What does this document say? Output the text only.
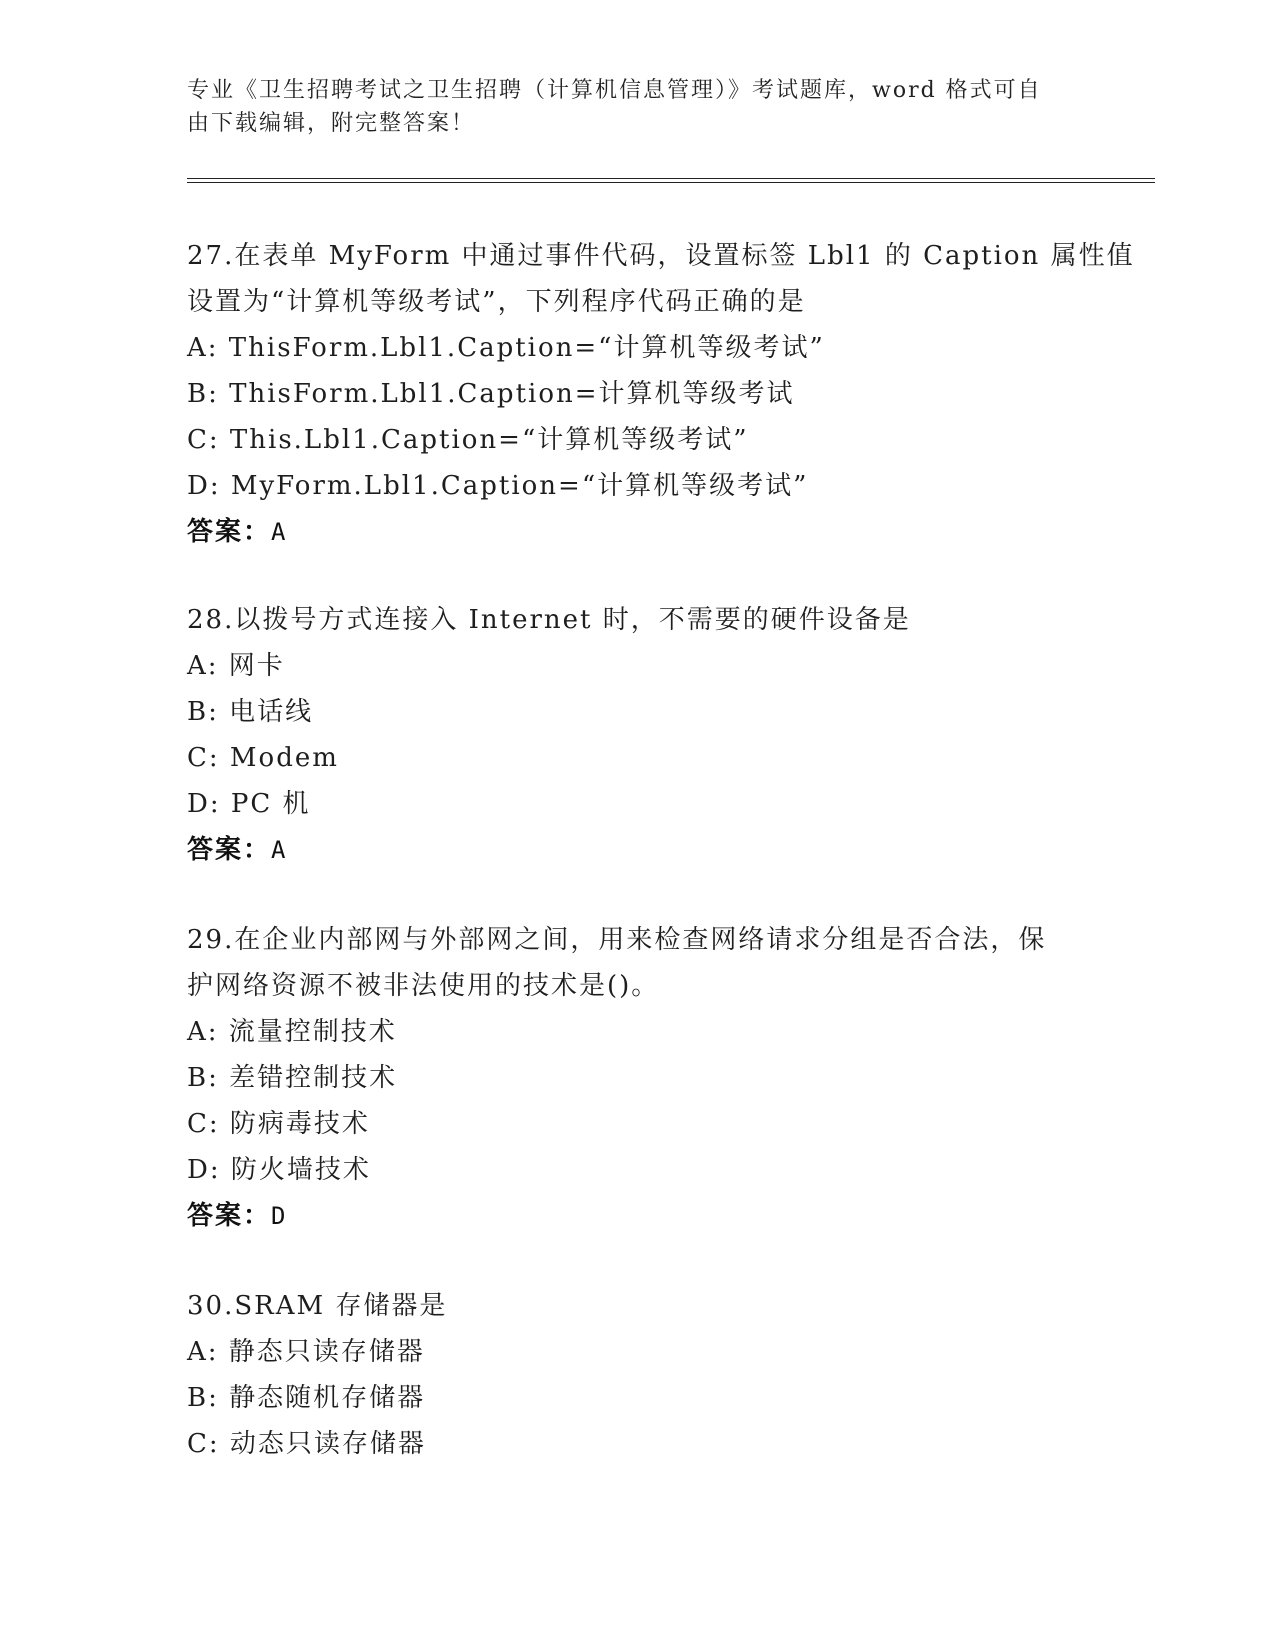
专业《卫生招聘考试之卫生招聘（计算机信息管理）》考试题库，word 格式可自
由下载编辑，附完整答案！
27.在表单 MyForm 中通过事件代码，设置标签 Lbl1 的 Caption 属性值
设置为“计算机等级考试”，下列程序代码正确的是
A: ThisForm.Lbl1.Caption=“计算机等级考试”
B: ThisForm.Lbl1.Caption=计算机等级考试
C: This.Lbl1.Caption=“计算机等级考试”
D: MyForm.Lbl1.Caption=“计算机等级考试”
答案：A
28.以拨号方式连接入 Internet 时，不需要的硬件设备是
A: 网卡
B: 电话线
C: Modem
D: PC 机
答案：A
29.在企业内部网与外部网之间，用来检查网络请求分组是否合法，保
护网络资源不被非法使用的技术是()。
A: 流量控制技术
B: 差错控制技术
C: 防病毒技术
D: 防火墙技术
答案：D
30.SRAM 存储器是
A: 静态只读存储器
B: 静态随机存储器
C: 动态只读存储器
